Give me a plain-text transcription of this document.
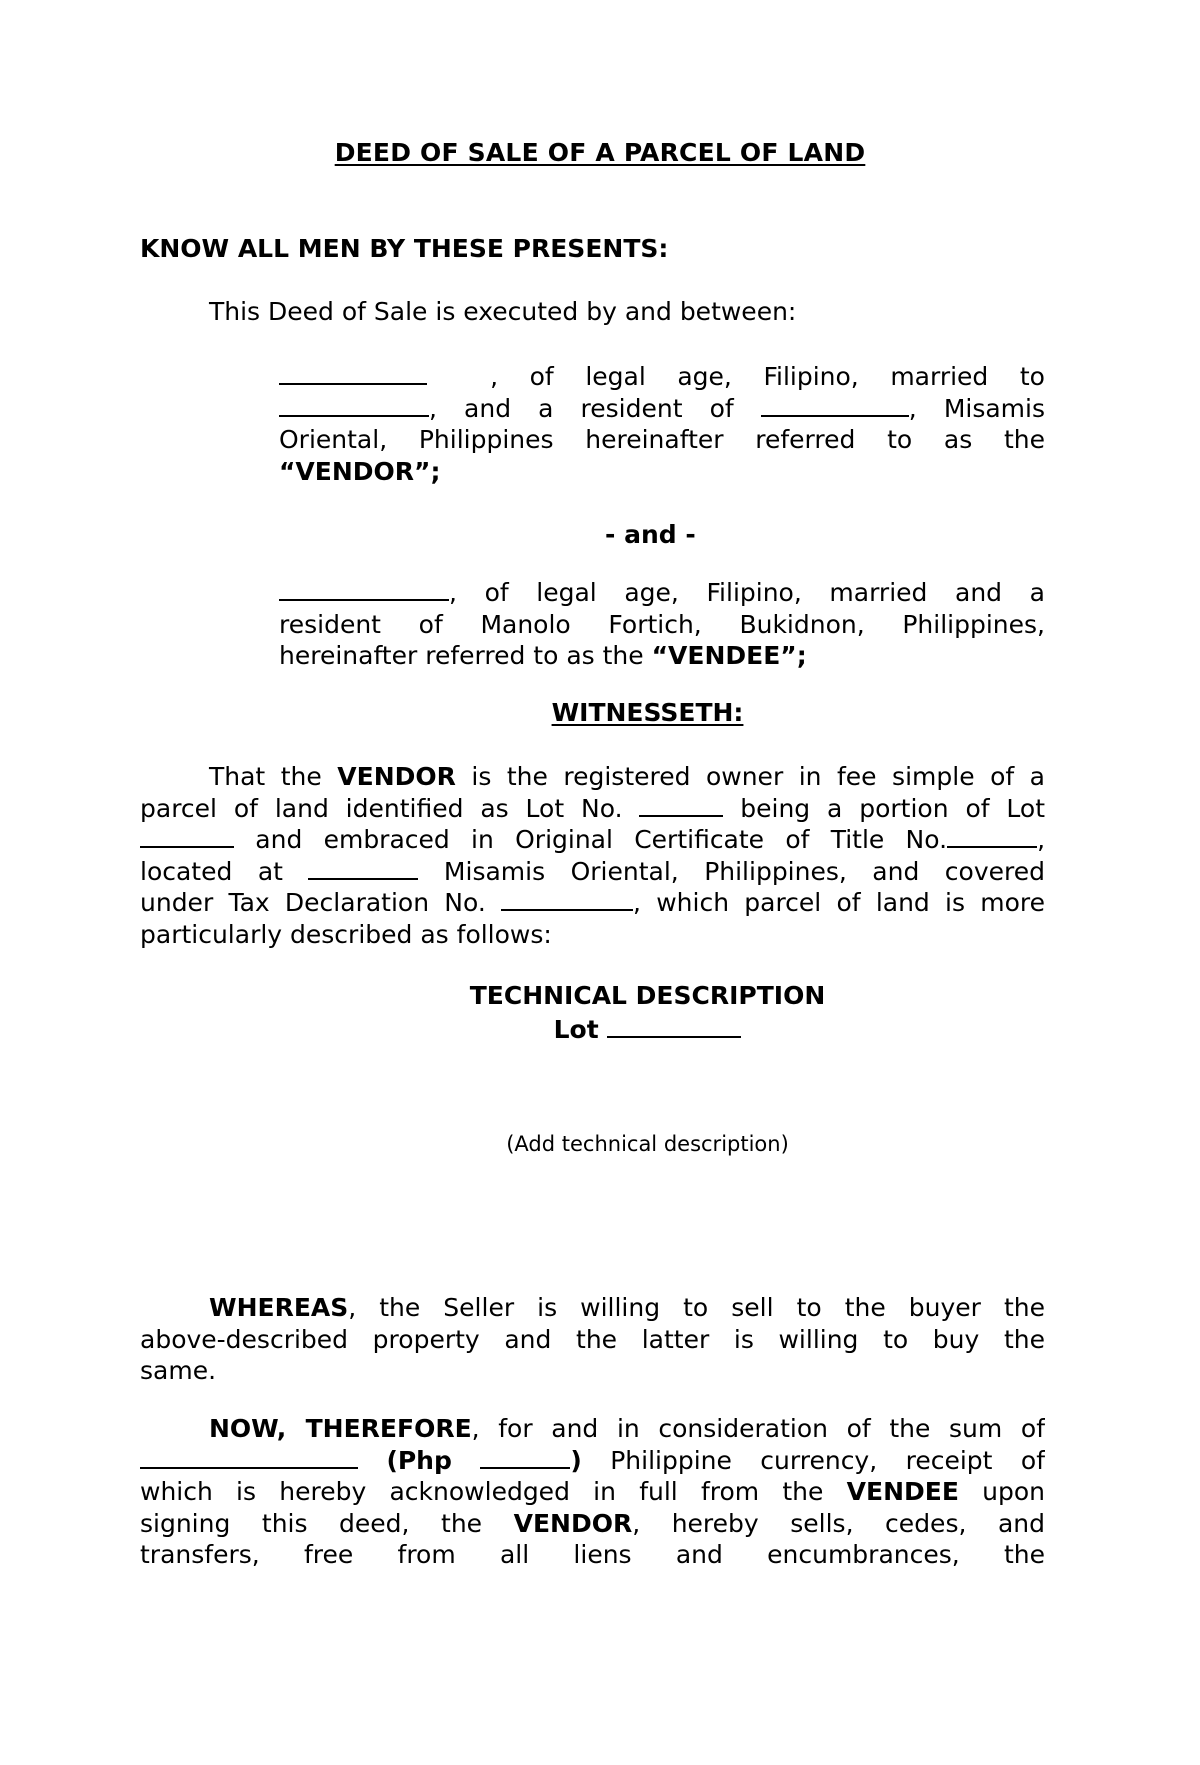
DEED OF SALE OF A PARCEL OF LAND
KNOW ALL MEN BY THESE PRESENTS:
This Deed of Sale is executed by and between:
, of legal age, Filipino, married to
, and a resident of	, Misamis
Oriental, Philippines hereinafter referred to as the
“VENDOR”;
- and -
, of legal age, Filipino, married and a
resident of Manolo Fortich, Bukidnon, Philippines,
hereinafter referred to as the “VENDEE”;
WITNESSETH:
That the VENDOR is the registered owner in fee simple of a
parcel of land identified as Lot No.	being a portion of Lot
and embraced in Original Certificate of Title No.	,
located at	Misamis Oriental, Philippines, and covered
under Tax Declaration No.	, which parcel of land is more
particularly described as follows:
TECHNICAL DESCRIPTION
Lot
(Add technical description)
WHEREAS, the Seller is willing to sell to the buyer the
above-described property and the latter is willing to buy the
same.
NOW, THEREFORE, for and in consideration of the sum of
(Php	) Philippine currency, receipt of
which is hereby acknowledged in full from the VENDEE upon
signing this deed, the VENDOR, hereby sells, cedes, and
transfers, free from all liens and encumbrances, the
